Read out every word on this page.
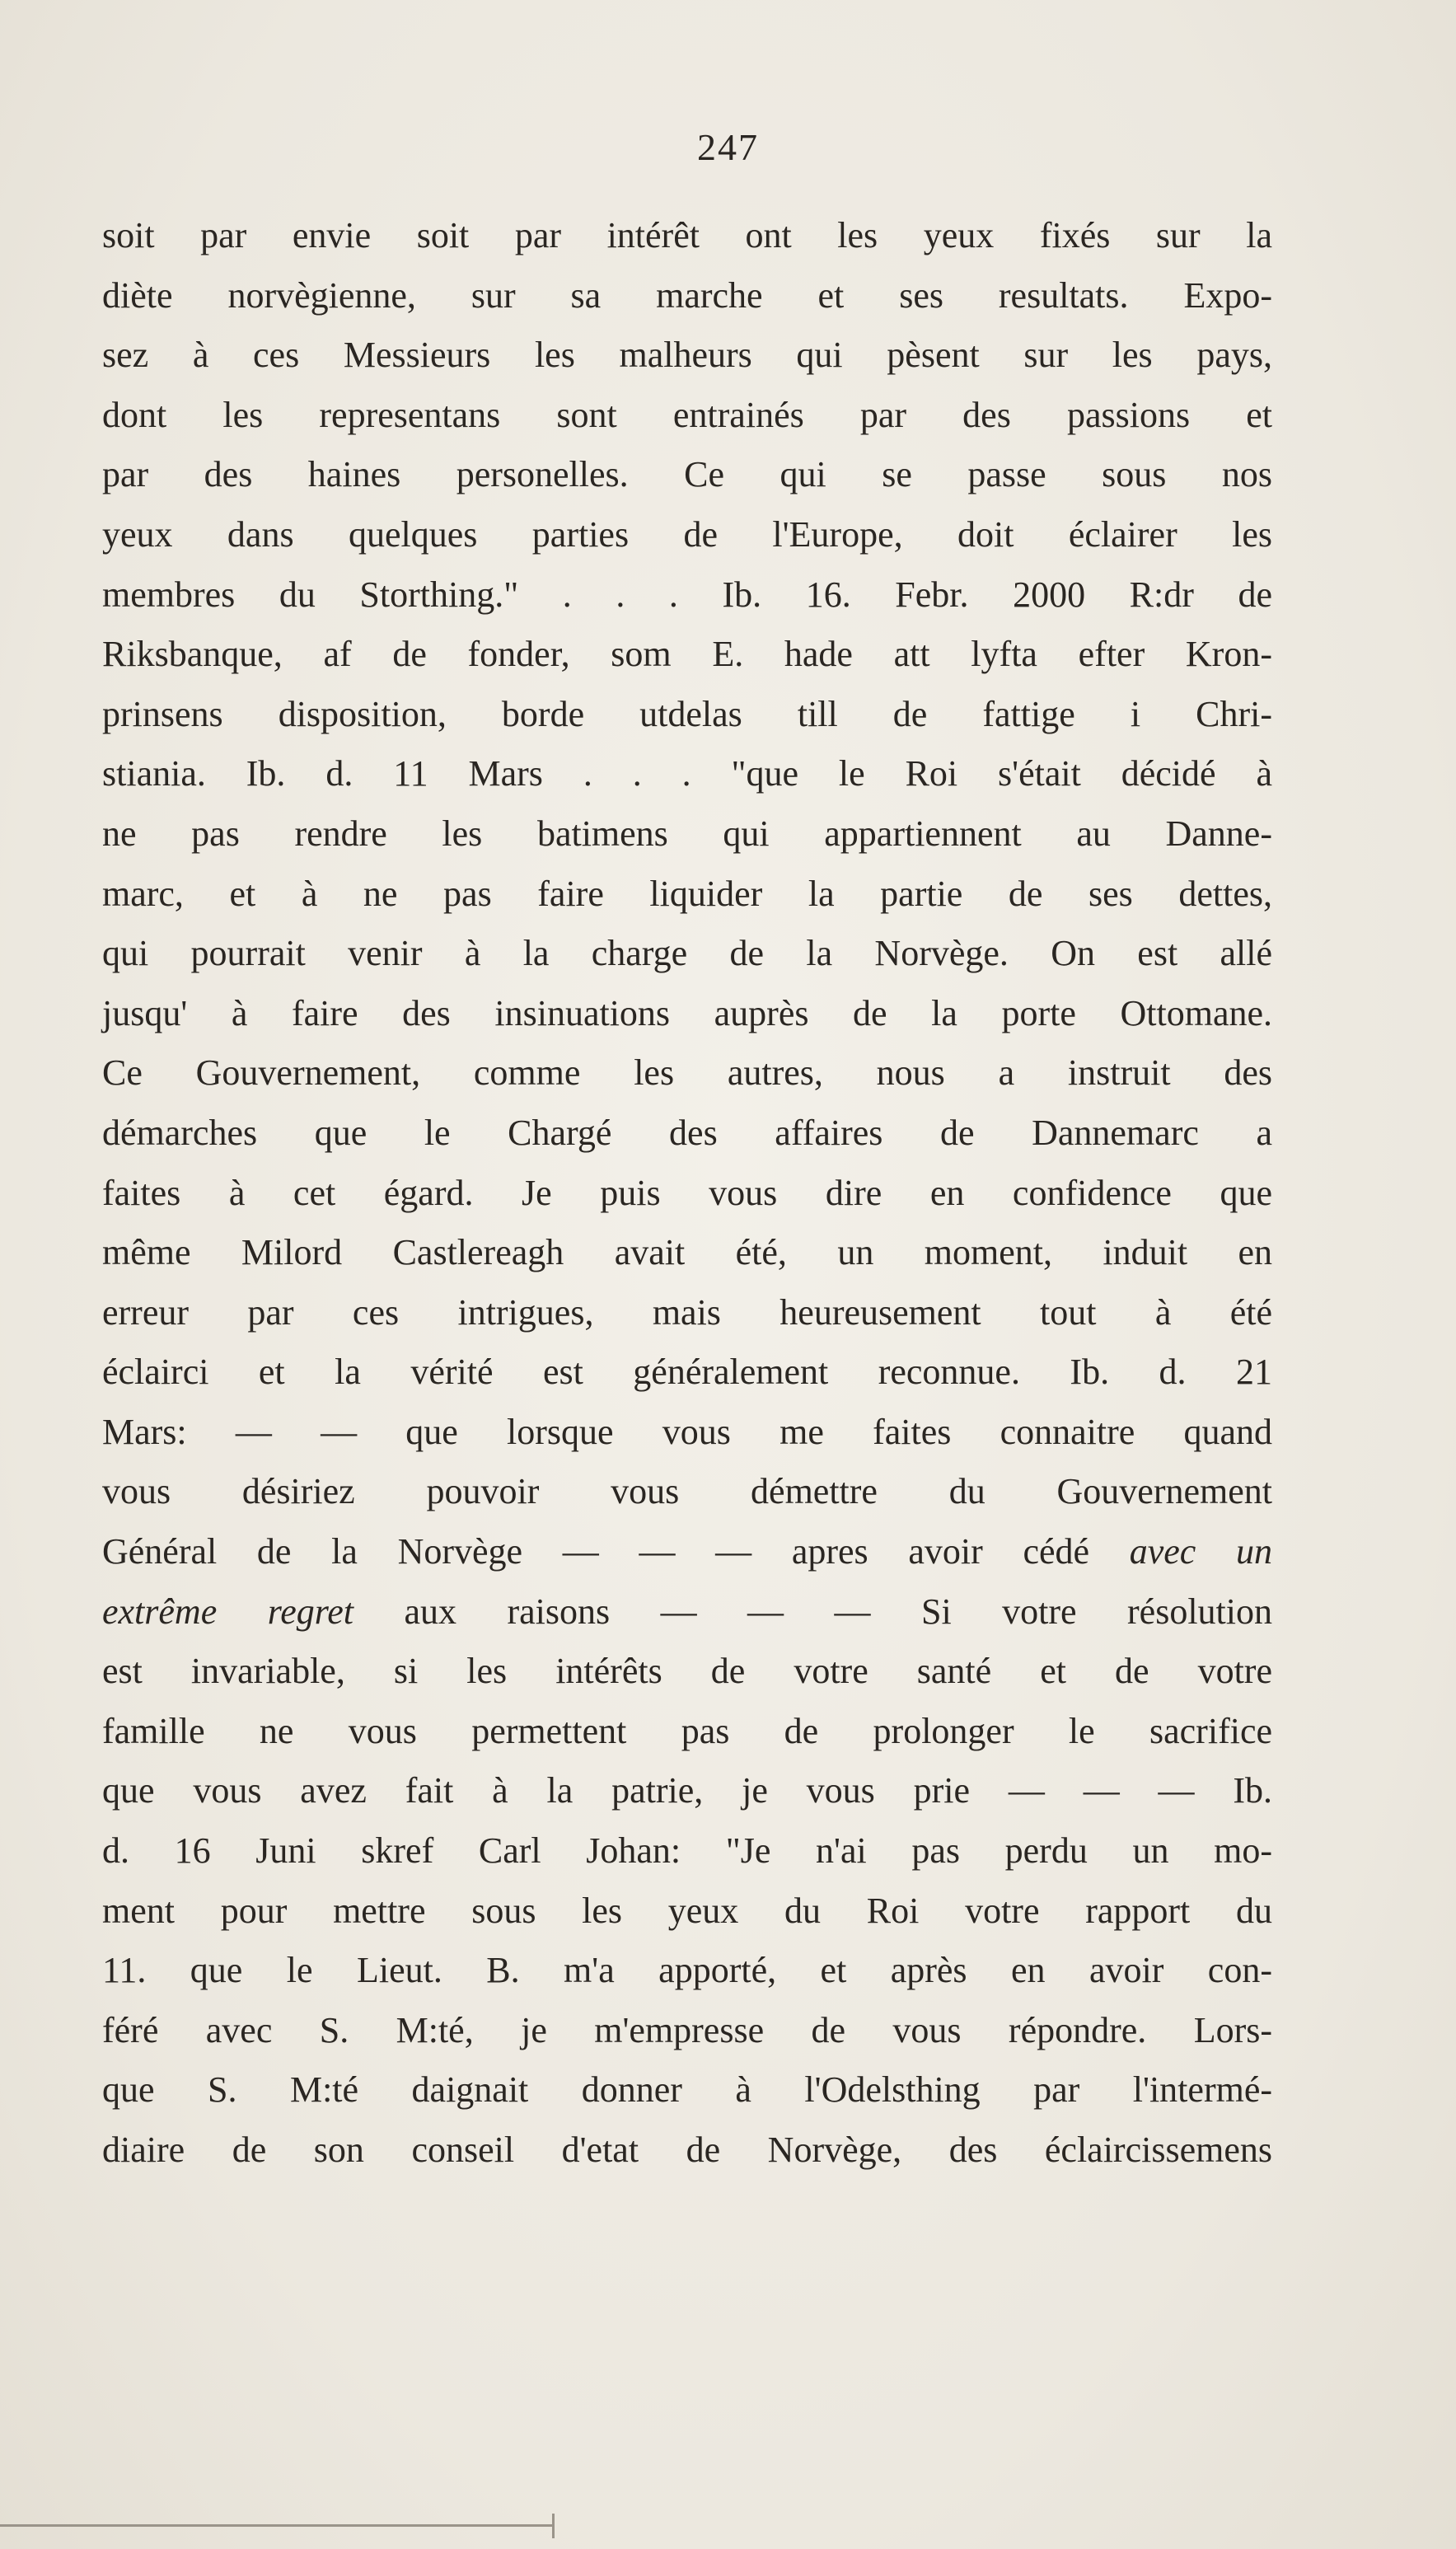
247
soit par envie soit par intérêt ont les yeux fixés sur la
diète norvègienne, sur sa marche et ses resultats. Expo-
sez à ces Messieurs les malheurs qui pèsent sur les pays,
dont les representans sont entrainés par des passions et
par des haines personelles. Ce qui se passe sous nos
yeux dans quelques parties de l'Europe, doit éclairer les
membres du Storthing." . . . Ib. 16. Febr. 2000 R:dr de
Riksbanque, af de fonder, som E. hade att lyfta efter Kron-
prinsens disposition, borde utdelas till de fattige i Chri-
stiania. Ib. d. 11 Mars . . . "que le Roi s'était décidé à
ne pas rendre les batimens qui appartiennent au Danne-
marc, et à ne pas faire liquider la partie de ses dettes,
qui pourrait venir à la charge de la Norvège. On est allé
jusqu' à faire des insinuations auprès de la porte Ottomane.
Ce Gouvernement, comme les autres, nous a instruit des
démarches que le Chargé des affaires de Dannemarc a
faites à cet égard. Je puis vous dire en confidence que
même Milord Castlereagh avait été, un moment, induit en
erreur par ces intrigues, mais heureusement tout à été
éclairci et la vérité est généralement reconnue. Ib. d. 21
Mars: — — que lorsque vous me faites connaitre quand
vous désiriez pouvoir vous démettre du Gouvernement
Général de la Norvège — — — apres avoir cédé avec un
extrême regret aux raisons — — — Si votre résolution
est invariable, si les intérêts de votre santé et de votre
famille ne vous permettent pas de prolonger le sacrifice
que vous avez fait à la patrie, je vous prie — — — Ib.
d. 16 Juni skref Carl Johan: "Je n'ai pas perdu un mo-
ment pour mettre sous les yeux du Roi votre rapport du
11. que le Lieut. B. m'a apporté, et après en avoir con-
féré avec S. M:té, je m'empresse de vous répondre. Lors-
que S. M:té daignait donner à l'Odelsthing par l'intermé-
diaire de son conseil d'etat de Norvège, des éclaircissemens
